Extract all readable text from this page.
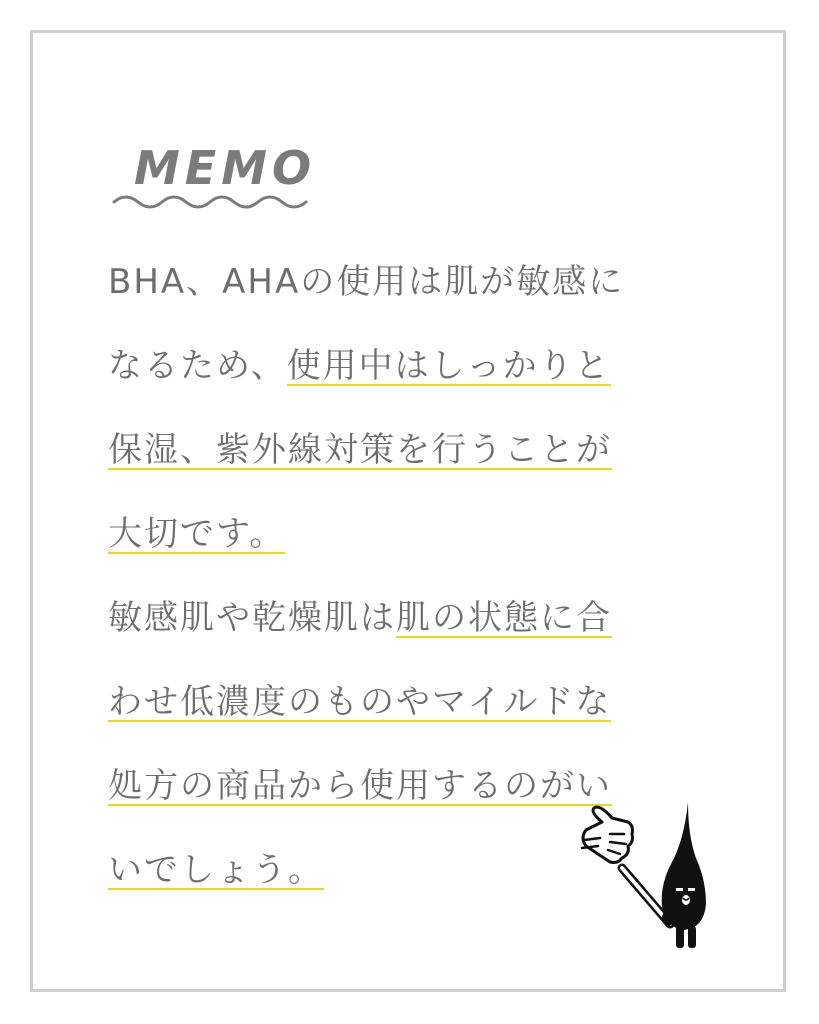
MEMO
BHA、AHAの使用は肌が敏感に
なるため、使用中はしっかりと
保湿、紫外線対策を行うことが
大切です。
敏感肌や乾燥肌は肌の状態に合
わせ低濃度のものやマイルドな
処方の商品から使用するのがい
いでしょう。
